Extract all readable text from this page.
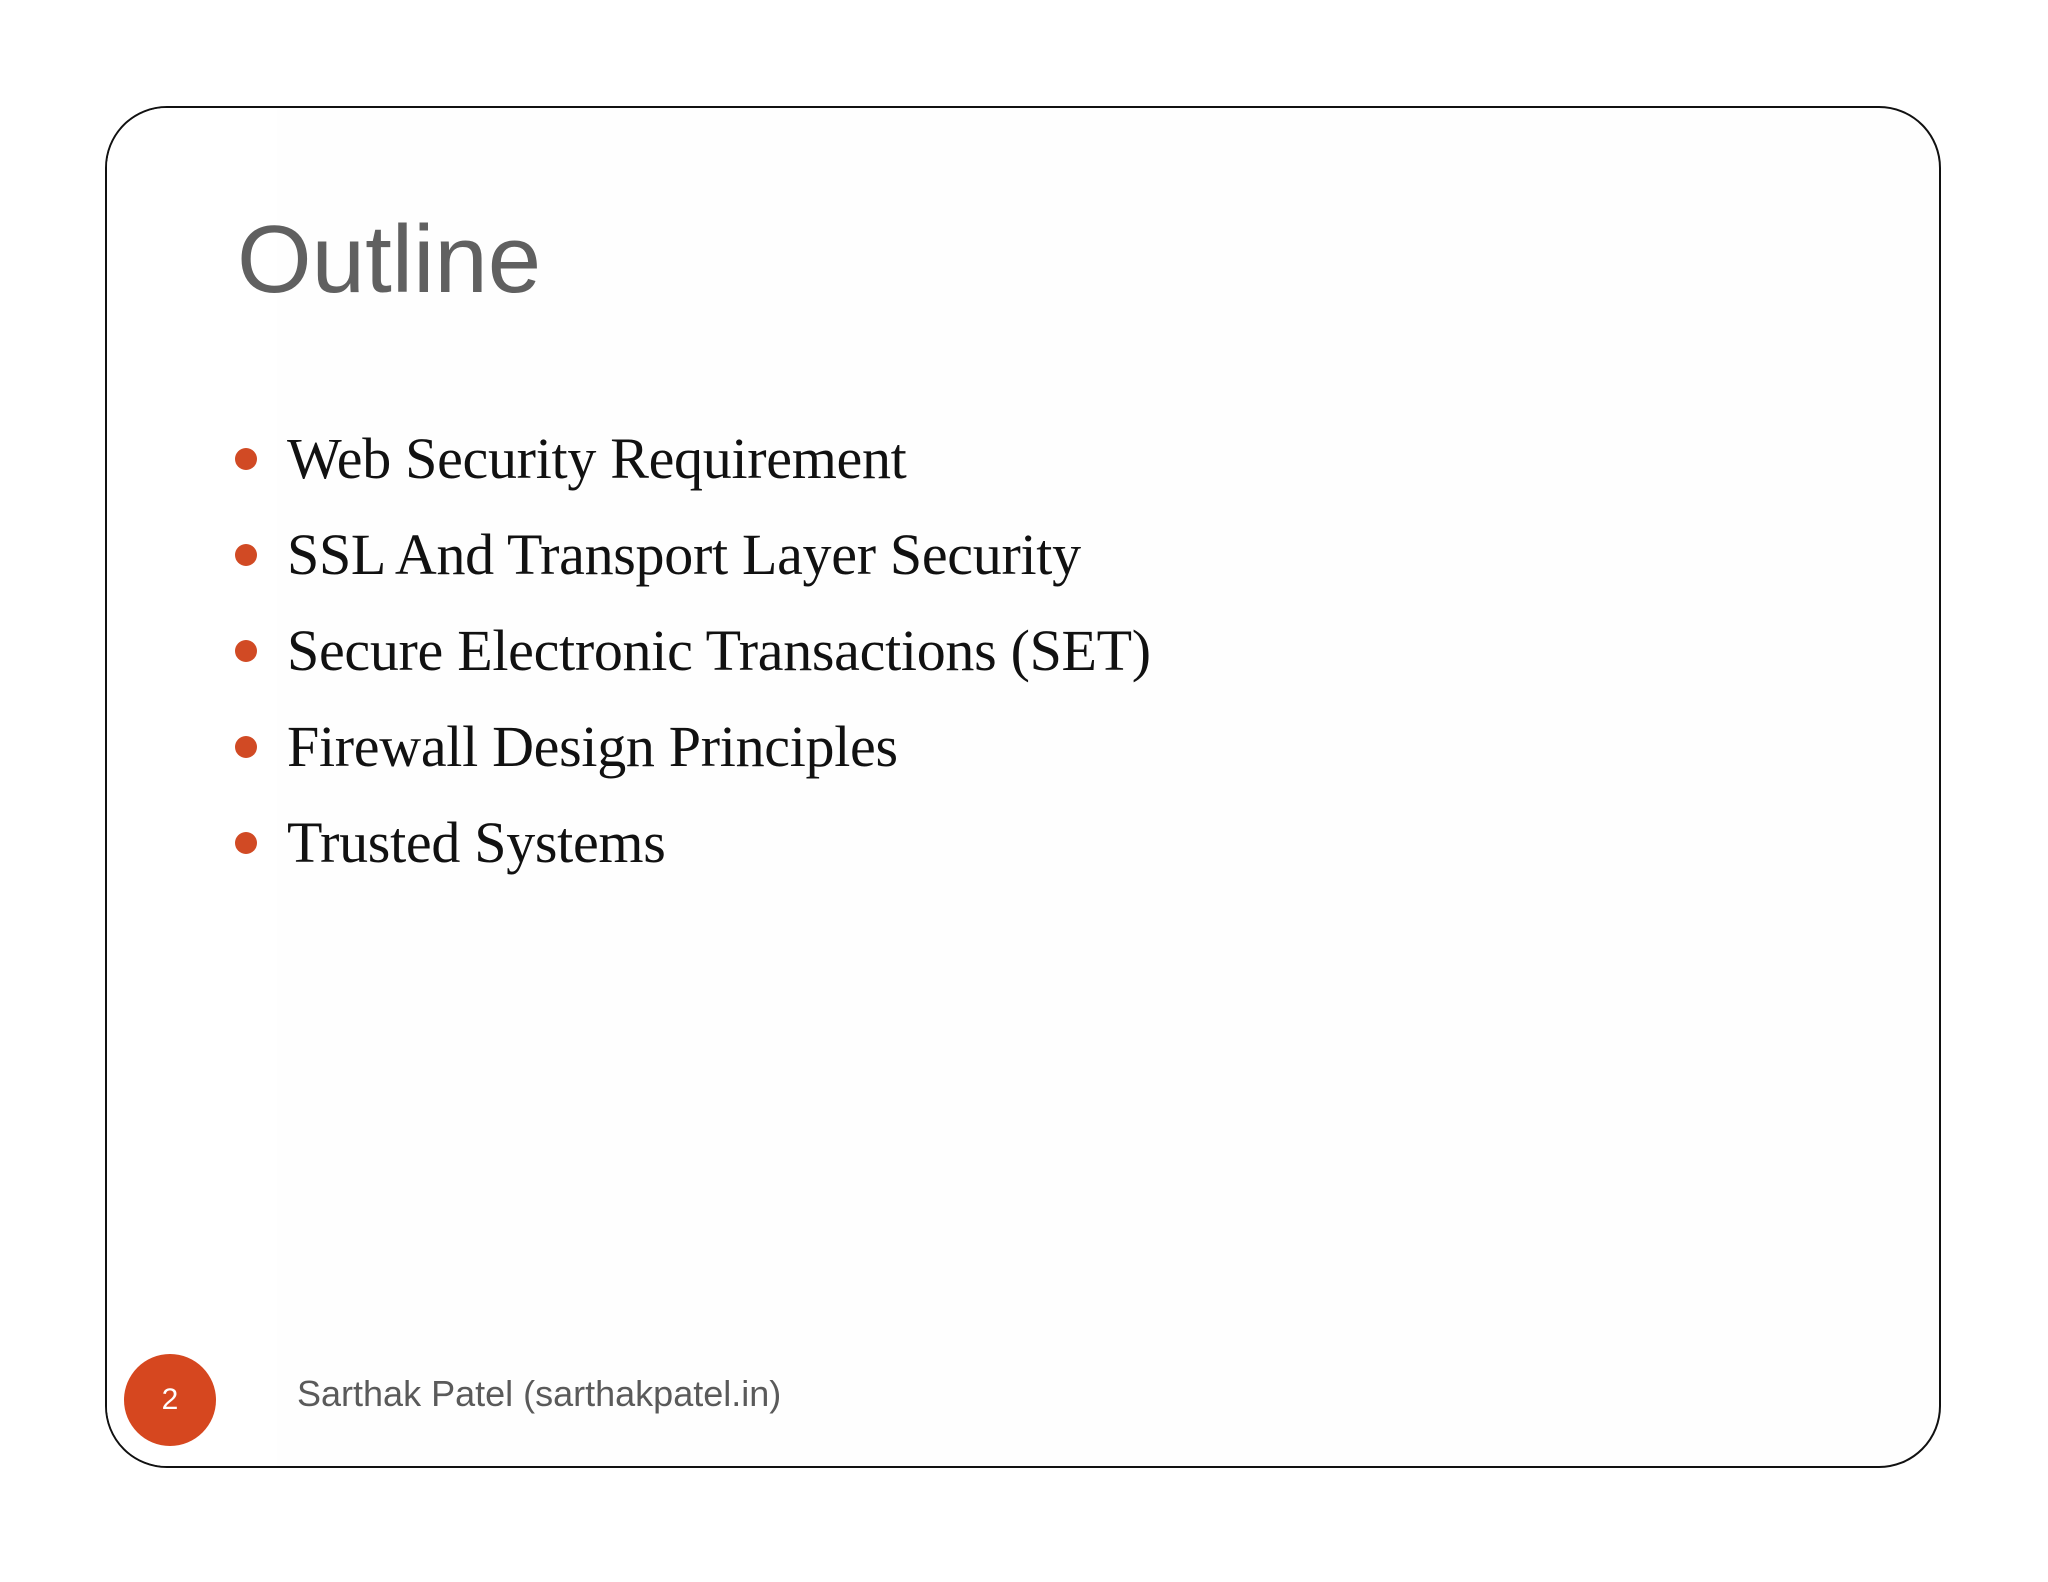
Outline
Web Security Requirement
SSL And Transport Layer Security
Secure Electronic Transactions (SET)
Firewall Design Principles
Trusted Systems
2	Sarthak Patel (sarthakpatel.in)
